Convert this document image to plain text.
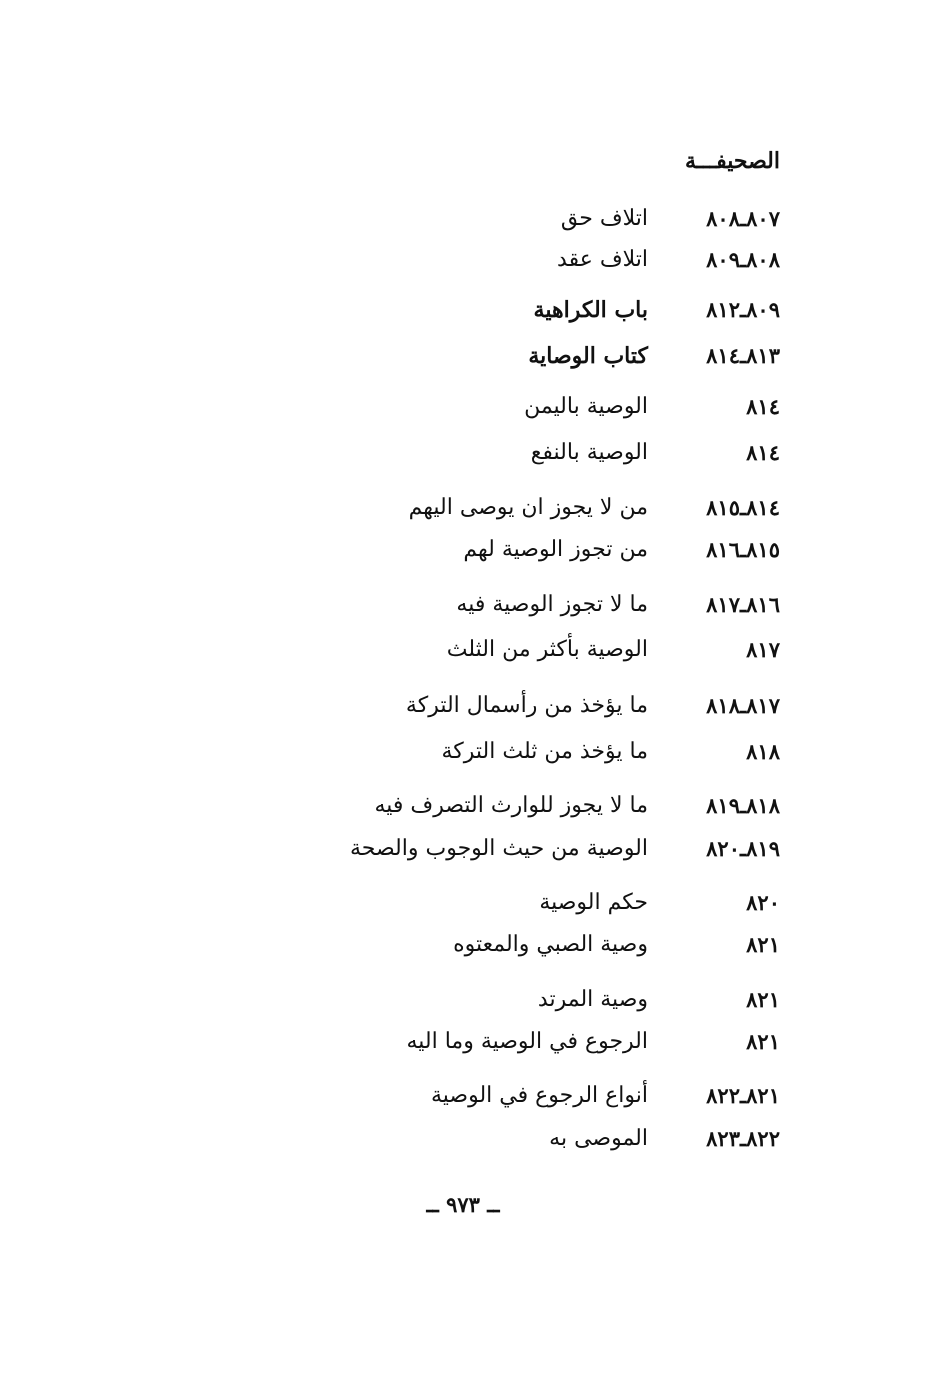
الصحيفـــة
٨٠٧ـ٨٠٨
اتلاف حق
٨٠٨ـ٨٠٩
اتلاف عقد
٨٠٩ـ٨١٢
باب الكراهية
٨١٣ـ٨١٤
كتاب الوصاية
٨١٤
الوصية باليمن
٨١٤
الوصية بالنفع
٨١٤ـ٨١٥
من لا يجوز ان يوصى اليهم
٨١٥ـ٨١٦
من تجوز الوصية لهم
٨١٦ـ٨١٧
ما لا تجوز الوصية فيه
٨١٧
الوصية بأكثر من الثلث
٨١٧ـ٨١٨
ما يؤخذ من رأسمال التركة
٨١٨
ما يؤخذ من ثلث التركة
٨١٨ـ٨١٩
ما لا يجوز للوارث التصرف فيه
٨١٩ـ٨٢٠
الوصية من حيث الوجوب والصحة
٨٢٠
حكم الوصية
٨٢١
وصية الصبي والمعتوه
٨٢١
وصية المرتد
٨٢١
الرجوع في الوصية وما اليه
٨٢١ـ٨٢٢
أنواع الرجوع في الوصية
٨٢٢ـ٨٢٣
الموصى به
ــ ٩٧٣ ــ
